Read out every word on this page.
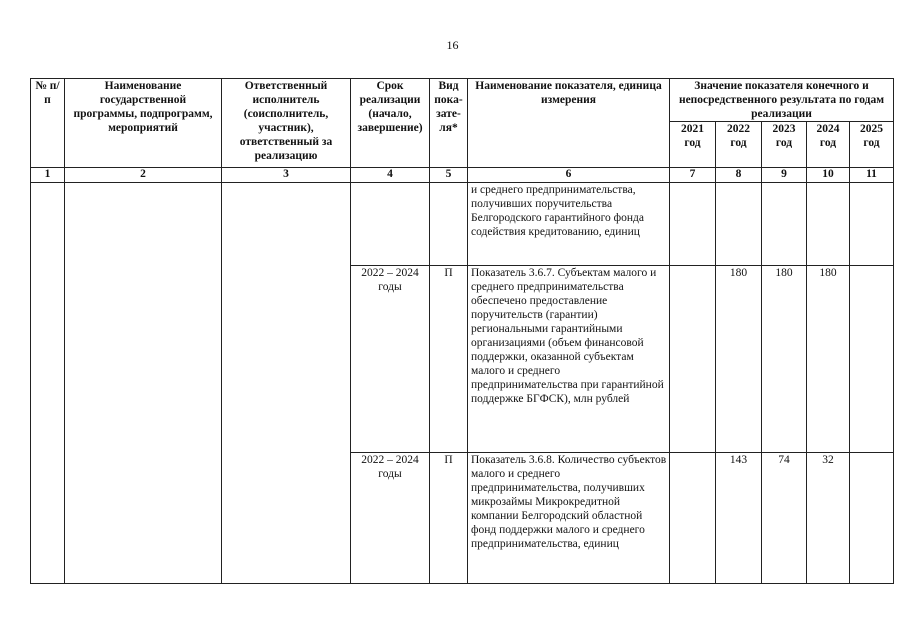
16
№ п/п	Наименование государственной программы, подпрограмм, мероприятий	Ответственный исполнитель (соисполнитель, участник), ответственный за реализацию	Срок реализации (начало, завершение)	Вид пока-зате-ля*	Наименование показателя, единица измерения	Значение показателя конечного и непосредственного результата по годам реализации				
						2021 год	2022 год	2023 год	2024 год	2025 год
1	2	3	4	5	6	7	8	9	10	11
					и среднего предпринимательства, получивших поручительства Белгородского гарантийного фонда содействия кредитованию, единиц					
			2022 – 2024 годы	П	Показатель 3.6.7. Субъектам малого и среднего предпринимательства обеспечено предоставление поручительств (гарантии) региональными гарантийными организациями (объем финансовой поддержки, оказанной субъектам малого и среднего предпринимательства при гарантийной поддержке БГФСК), млн рублей		180	180	180	
			2022 – 2024 годы	П	Показатель 3.6.8. Количество субъектов малого и среднего предпринимательства, получивших микрозаймы Микрокредитной компании Белгородский областной фонд поддержки малого и среднего предпринимательства, единиц		143	74	32	
